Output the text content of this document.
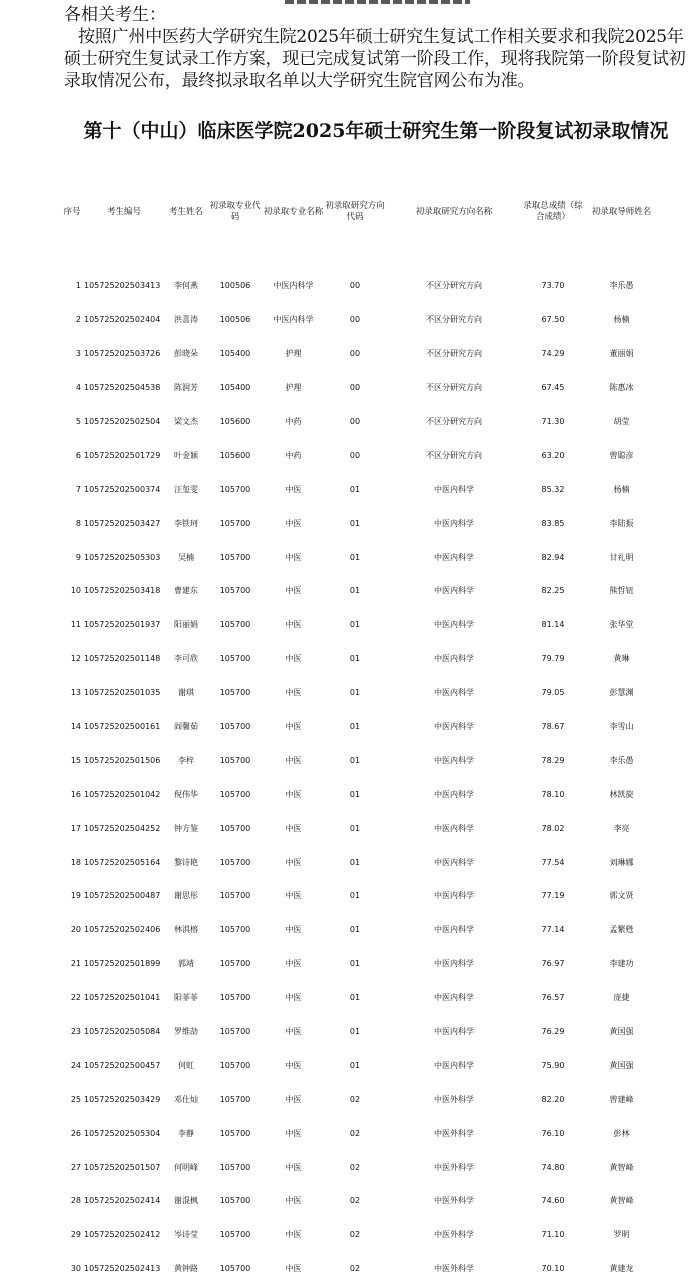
各相关考生：

按照广州中医药大学研究生院2025年硕士研究生复试工作相关要求和我院2025年硕士研究生复试录工作方案，现已完成复试第一阶段工作，现将我院第一阶段复试初录取情况公布，最终拟录取名单以大学研究生院官网公布为准。

第十（中山）临床医学院2025年硕士研究生第一阶段复试初录取情况
序号	考生编号	考生姓名	初录取专业代码	初录取专业名称	初录取研究方向代码	初录取研究方向名称	录取总成绩（综合成绩）	初录取导师姓名

1	105725202503413	李何燕	100506	中医内科学	00	不区分研究方向	73.70	李乐愚
2	105725202502404	洪喜涛	100506	中医内科学	00	不区分研究方向	67.50	杨楠
3	105725202503726	彭晓朵	105400	护理	00	不区分研究方向	74.29	董丽娟
4	105725202504538	陈润芳	105400	护理	00	不区分研究方向	67.45	陈惠冰
5	105725202502504	梁文杰	105600	中药	00	不区分研究方向	71.30	胡莹
6	105725202501729	叶金颖	105600	中药	00	不区分研究方向	63.20	曾聪彦
7	105725202500374	汪玺雯	105700	中医	01	中医内科学	85.32	杨楠
8	105725202503427	李铁珂	105700	中医	01	中医内科学	83.85	李陆振
9	105725202505303	吴楠	105700	中医	01	中医内科学	82.94	甘礼明
10	105725202503418	曹建东	105700	中医	01	中医内科学	82.25	熊哲钮
11	105725202501937	阳丽娟	105700	中医	01	中医内科学	81.14	张华堂
12	105725202501148	李可欣	105700	中医	01	中医内科学	79.79	黄琳
13	105725202501035	谢琪	105700	中医	01	中医内科学	79.05	彭慧渊
14	105725202500161	阎馨茹	105700	中医	01	中医内科学	78.67	李雪山
15	105725202501506	李梓	105700	中医	01	中医内科学	78.29	李乐愚
16	105725202501042	倪伟华	105700	中医	01	中医内科学	78.10	林凯旋
17	105725202504252	钟方鉴	105700	中医	01	中医内科学	78.02	李亮
18	105725202505164	黎诗艳	105700	中医	01	中医内科学	77.54	刘琳娜
19	105725202500487	谢思彤	105700	中医	01	中医内科学	77.19	郭文贤
20	105725202502406	林淇榕	105700	中医	01	中医内科学	77.14	孟繁甦
21	105725202501899	郭靖	105700	中医	01	中医内科学	76.97	李建功
22	105725202501041	阳菲菲	105700	中医	01	中医内科学	76.57	庞捷
23	105725202505084	罗维劼	105700	中医	01	中医内科学	76.29	黄国强
24	105725202500457	何虹	105700	中医	01	中医内科学	75.90	黄国强
25	105725202503429	邓仕灿	105700	中医	02	中医外科学	82.20	曾建峰
26	105725202505304	李静	105700	中医	02	中医外科学	76.10	彭林
27	105725202501507	何明峰	105700	中医	02	中医外科学	74.80	黄智峰
28	105725202502414	谢混枫	105700	中医	02	中医外科学	74.60	黄智峰
29	105725202502412	岑诗莹	105700	中医	02	中医外科学	71.10	罗明
30	105725202502413	黄钟路	105700	中医	02	中医外科学	70.10	黄建龙
